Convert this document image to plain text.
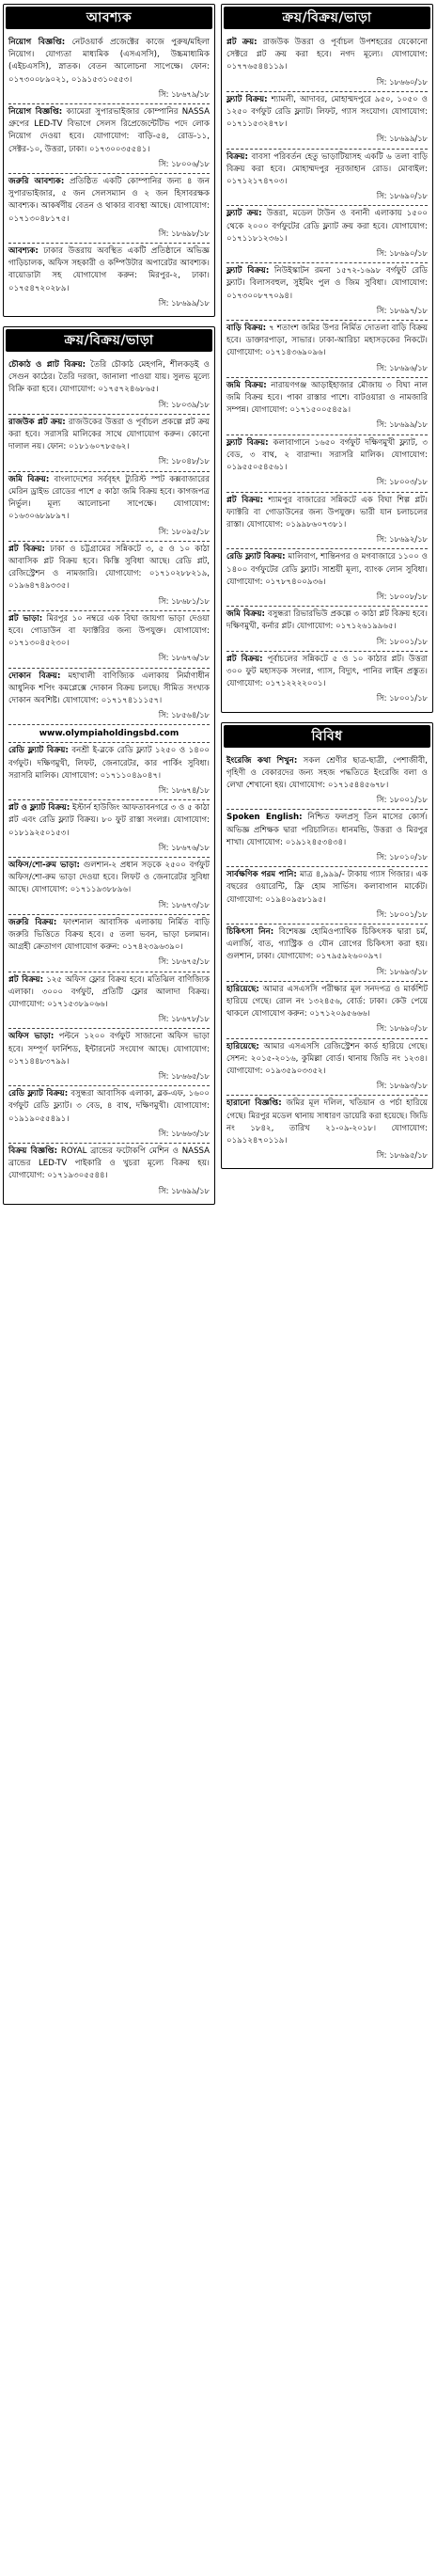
আবশ্যক
নিয়োগ বিজ্ঞপ্তি: নেটওয়ার্ক প্রজেক্টের কাজে পুরুষ/মহিলা নিয়োগ। যোগ্যতা মাধ্যমিক (এসএসসি), উচ্চমাধ্যমিক (এইচএসসি), স্নাতক। বেতন আলোচনা সাপেক্ষে। ফোন: ০১৭৩০০৮৯০২১, ০১৯১৫৩১০৫৫৩।
সি: ১৮৬৭৯/১৮
নিয়োগ বিজ্ঞপ্তি: ক্যামেরা সুপারভাইজার কোম্পানির NASSA গ্রুপের LED-TV বিভাগে সেলস রিপ্রেজেন্টেটিভ পদে লোক নিয়োগ দেওয়া হবে। যোগাযোগ: বাড়ি-৫৪, রোড-১১, সেক্টর-১০, উত্তরা, ঢাকা। ০১৭৩০০৩৫৫৪১।
সি: ১৮০০৬/১৮
জরুরি আবশ্যক: প্রতিষ্ঠিত একটি কোম্পানির জন্য ৪ জন সুপারভাইজার, ৫ জন সেলসম্যান ও ২ জন হিসাবরক্ষক আবশ্যক। আকর্ষণীয় বেতন ও থাকার ব্যবস্থা আছে। যোগাযোগ: ০১৭১৩০৪৮১৭৫।
সি: ১৮৬৯৮/১৮
আবশ্যক: ঢাকার উত্তরায় অবস্থিত একটি প্রতিষ্ঠানে অভিজ্ঞ গাড়িচালক, অফিস সহকারী ও কম্পিউটার অপারেটর আবশ্যক। বায়োডাটা সহ যোগাযোগ করুন: মিরপুর-২, ঢাকা। ০১৭৫৪৭২০২৮৯।
সি: ১৮৬৯৯/১৮
ক্রয়/বিক্রয়/ভাড়া
চৌকাঠ ও প্লাট বিক্রয়: তৈরি চৌকাঠ মেহগনি, শীলকড়ই ও সেগুন কাঠের। তৈরি দরজা, জানালা পাওয়া যায়। সুলভ মূল্যে বিক্রি করা হবে। যোগাযোগ: ০১৭৫৭২৪৬৮৬৫।
সি: ১৮০৩৯/১৮
রাজউক প্লট ক্রয়: রাজউকের উত্তরা ও পূর্বাচল প্রকল্পে প্লট ক্রয় করা হবে। সরাসরি মালিকের সাথে যোগাযোগ করুন। কোনো দালাল নয়। ফোন: ০১৮১৬০৭৮৫৬২।
সি: ১৮০৪৮/১৮
জমি বিক্রয়: বাংলাদেশের সর্ববৃহৎ ট্যুরিস্ট স্পট কক্সবাজারের মেরিন ড্রাইভ রোডের পাশে ৫ কাঠা জমি বিক্রয় হবে। কাগজপত্র নির্ভুল। মূল্য আলোচনা সাপেক্ষে। যোগাযোগ: ০১৬৩০৬৮৯৮৯৭।
সি: ১৮০৯৫/১৮
প্লট বিক্রয়: ঢাকা ও চট্টগ্রামের সন্নিকটে ৩, ৫ ও ১০ কাঠা আবাসিক প্লট বিক্রয় হবে। কিস্তি সুবিধা আছে। রেডি প্লট, রেজিস্ট্রেশন ও নামজারি। যোগাযোগ: ০১৭১০২৮৮২১৯, ০১৯৬৪৭৪৯৩৩৫।
সি: ১৮৬৮১/১৮
প্লট ভাড়া: মিরপুর ১০ নম্বরে এক বিঘা জায়গা ভাড়া দেওয়া হবে। গোডাউন বা ফ্যাক্টরির জন্য উপযুক্ত। যোগাযোগ: ০১৭১৩০৪৫২৩০।
সি: ১৮৬৭৬/১৮
দোকান বিক্রয়: মহাখালী বাণিজ্যিক এলাকায় নির্মাণাধীন আধুনিক শপিং কমপ্লেক্সে দোকান বিক্রয় চলছে। সীমিত সংখ্যক দোকান অবশিষ্ট। যোগাযোগ: ০১৭১৭৪১১১৫৭।
সি: ১৮৫৬৪/১৮
www.olympiaholdingsbd.com
রেডি ফ্ল্যাট বিক্রয়: বনশ্রী ই-ব্লকে রেডি ফ্ল্যাট ১২৫০ ও ১৪০০ বর্গফুট। দক্ষিণমুখী, লিফট, জেনারেটর, কার পার্কিং সুবিধা। সরাসরি মালিক। যোগাযোগ: ০১৭১১০৪৯০৪৭।
সি: ১৮৬৭৪/১৮
প্লট ও ফ্ল্যাট বিক্রয়: ইস্টার্ন হাউজিং আফতাবনগরে ৩ ও ৫ কাঠা প্লট এবং রেডি ফ্ল্যাট বিক্রয়। ৮০ ফুট রাস্তা সংলগ্ন। যোগাযোগ: ০১৮১৯২৫০১৫৩।
সি: ১৮৬৭৬/১৮
অফিস/শো-রুম ভাড়া: গুলশান-২ প্রধান সড়কে ২৫০০ বর্গফুট অফিস/শো-রুম ভাড়া দেওয়া হবে। লিফট ও জেনারেটর সুবিধা আছে। যোগাযোগ: ০১৭১১৯৩৮৮৯৬।
সি: ১৮৬৭৩/১৮
জরুরি বিক্রয়: ফাংশনাল আবাসিক এলাকায় নির্মিত বাড়ি জরুরি ভিত্তিতে বিক্রয় হবে। ৫ তলা ভবন, ভাড়া চলমান। আগ্রহী ক্রেতাগণ যোগাযোগ করুন: ০১৭৪২৩৯৬৩৯০।
সি: ১৮৬৭৫/১৮
প্লট বিক্রয়: ১২৫ অফিস ফ্লোর বিক্রয় হবে। মতিঝিল বাণিজ্যিক এলাকা। ৩০০০ বর্গফুট, প্রতিটি ফ্লোর আলাদা বিক্রয়। যোগাযোগ: ০১৭১৫৩৮৯০৬৬।
সি: ১৮৬৭৮/১৮
অফিস ভাড়া: পল্টনে ১২০০ বর্গফুট সাজানো অফিস ভাড়া হবে। সম্পূর্ণ ফার্নিশড, ইন্টারনেট সংযোগ আছে। যোগাযোগ: ০১৭১৪৪৮৩৭৯৯।
সি: ১৮৬৬৫/১৮
রেডি ফ্ল্যাট বিক্রয়: বসুন্ধরা আবাসিক এলাকা, ব্লক-এফ, ১৬০০ বর্গফুট রেডি ফ্ল্যাট। ৩ বেড, ৪ বাথ, দক্ষিণমুখী। যোগাযোগ: ০১৯১৯০৫৫৪৯১।
সি: ১৮৬৬৩/১৮
বিক্রয় বিজ্ঞপ্তি: ROYAL ব্রান্ডের ফটোকপি মেশিন ও NASSA ব্রান্ডের LED-TV পাইকারি ও খুচরা মূল্যে বিক্রয় হয়। যোগাযোগ: ০১৭১৯৩০৫৫৪৪।
সি: ১৮৬৯৯/১৮
ক্রয়/বিক্রয়/ভাড়া
প্লট ক্রয়: রাজউক উত্তরা ও পূর্বাচল উপশহরের যেকোনো সেক্টরে প্লট ক্রয় করা হবে। নগদ মূল্যে। যোগাযোগ: ০১৭৭৬৫৪৪১১৯।
সি: ১৮৬৬০/১৮
ফ্ল্যাট বিক্রয়: শ্যামলী, আদাবর, মোহাম্মদপুরে ৯৫০, ১০৫০ ও ১২৫০ বর্গফুট রেডি ফ্ল্যাট। লিফট, গ্যাস সংযোগ। যোগাযোগ: ০১৭১১৫৩২৪৭৮।
সি: ১৮৬৯৯/১৮
বিক্রয়: বাবসা পরিবর্তন হেতু ভাড়াটিয়াসহ একটি ৬ তলা বাড়ি বিক্রয় করা হবে। মোহাম্মদপুর নূরজাহান রোড। মোবাইল: ০১৭১২১৭৪৭০৩।
সি: ১৮৬৯০/১৮
ফ্ল্যাট ক্রয়: উত্তরা, মডেল টাউন ও বনানী এলাকায় ১৫০০ থেকে ২০০০ বর্গফুটের রেডি ফ্ল্যাট ক্রয় করা হবে। যোগাযোগ: ০১৭১১৮১২৩৬১।
সি: ১৮৬৯০/১৮
ফ্ল্যাট বিক্রয়: নিউইস্কাটন রমনা ১৫৭২-১৬৯৮ বর্গফুট রেডি ফ্ল্যাট। বিলাসবহুল, সুইমিং পুল ও জিম সুবিধা। যোগাযোগ: ০১৭৩০০৮৭৭০৯৪।
সি: ১৮৬৯৭/১৮
বাড়ি বিক্রয়: ৭ শতাংশ জমির উপর নির্মিত দোতলা বাড়ি বিক্রয় হবে। ডাক্তারপাড়া, সাভার। ঢাকা-আরিচা মহাসড়কের নিকটে। যোগাযোগ: ০১৭১৪৩৬৯০৯৬।
সি: ১৮৬৯৬/১৮
জমি বিক্রয়: নারায়ণগঞ্জ আড়াইহাজার মৌজায় ৩ বিঘা নাল জমি বিক্রয় হবে। পাকা রাস্তার পাশে। বাটওয়ারা ও নামজারি সম্পন্ন। যোগাযোগ: ০১৭১৫০০৫৪৫৯।
সি: ১৮৬৯৯/১৮
ফ্ল্যাট বিক্রয়: কলাবাগানে ১৬৫০ বর্গফুট দক্ষিণমুখী ফ্ল্যাট, ৩ বেড, ৩ বাথ, ২ বারান্দা। সরাসরি মালিক। যোগাযোগ: ০১৯৫৫০৫৪৫৬১।
সি: ১৮০০৩/১৮
প্লট বিক্রয়: শ্যামপুর বাজারের সন্নিকটে এক বিঘা শিল্প প্লট। ফ্যাক্টরি বা গোডাউনের জন্য উপযুক্ত। ভারী যান চলাচলের রাস্তা। যোগাযোগ: ০১৯৯৮৬০৭৩৮১।
সি: ১৮৬৯২/১৮
রেডি ফ্ল্যাট বিক্রয়: মালিবাগ, শান্তিনগর ও মগবাজারে ১১০০ ও ১৪০০ বর্গফুটের রেডি ফ্ল্যাট। সাশ্রয়ী মূল্য, ব্যাংক লোন সুবিধা। যোগাযোগ: ০১৭৮৭৪০০৯৩৬।
সি: ১৮০০৮/১৮
জমি বিক্রয়: বসুন্ধরা রিভারভিউ প্রকল্পে ৩ কাঠা প্লট বিক্রয় হবে। দক্ষিণমুখী, কর্নার প্লট। যোগাযোগ: ০১৭১২৬১৯৯৬৫।
সি: ১৮০০১/১৮
প্লট বিক্রয়: পূর্বাচলের সন্নিকটে ৫ ও ১০ কাঠার প্লট। উত্তরা ৩০০ ফুট মহাসড়ক সংলগ্ন, গ্যাস, বিদ্যুৎ, পানির লাইন প্রস্তুত। যোগাযোগ: ০১৭১২২২২০০১।
সি: ১৮০০১/১৮
বিবিধ
ইংরেজি কথা শিখুন: সকল শ্রেণীর ছাত্র-ছাত্রী, পেশাজীবী, গৃহিণী ও বেকারদের জন্য সহজ পদ্ধতিতে ইংরেজি বলা ও লেখা শেখানো হয়। যোগাযোগ: ০১৭১৫৪৪৫৬৭৮।
সি: ১৮০০১/১৮
Spoken English: নিশ্চিত ফলপ্রসূ তিন মাসের কোর্স। অভিজ্ঞ প্রশিক্ষক দ্বারা পরিচালিত। ধানমন্ডি, উত্তরা ও মিরপুর শাখা। যোগাযোগ: ০১৯১২৪৫৩৪৩৪।
সি: ১৮০১০/১৮
সার্বক্ষণিক গরম পানি: মাত্র ৪,৯৯৯/- টাকায় গ্যাস গিজার। এক বছরের ওয়ারেন্টি, ফ্রি হোম সার্ভিস। কলাবাগান মার্কেট। যোগাযোগ: ০১৯৪০৯৫৮১৯৫।
সি: ১৮০০১/১৮
চিকিৎসা নিন: বিশেষজ্ঞ হোমিওপ্যাথিক চিকিৎসক দ্বারা চর্ম, এলার্জি, বাত, গ্যাস্ট্রিক ও যৌন রোগের চিকিৎসা করা হয়। গুলশান, ঢাকা। যোগাযোগ: ০১৭৯৫৯২৬০০৯৭।
সি: ১৮৬৯৩/১৮
হারিয়েছে: আমার এসএসসি পরীক্ষার মূল সনদপত্র ও মার্কশিট হারিয়ে গেছে। রোল নং ১৩২৪৫৬, বোর্ড: ঢাকা। কেউ পেয়ে থাকলে যোগাযোগ করুন: ০১৭১২০৯৫৬৬৬।
সি: ১৮৬৯০/১৮
হারিয়েছে: আমার এসএসসি রেজিস্ট্রেশন কার্ড হারিয়ে গেছে। সেশন: ২০১৫-২০১৬, কুমিল্লা বোর্ড। থানায় জিডি নং ১২৩৪। যোগাযোগ: ০১৯৩৫৯০৩৩৫২।
সি: ১৮৬৯৩/১৮
হারানো বিজ্ঞপ্তি: জমির মূল দলিল, খতিয়ান ও পর্চা হারিয়ে গেছে। মিরপুর মডেল থানায় সাধারণ ডায়েরি করা হয়েছে। জিডি নং ১৮৪২, তারিখ ২১-০৯-২০১৮। যোগাযোগ: ০১৯১২৪৭০১১৯।
সি: ১৮৬৯৫/১৮
